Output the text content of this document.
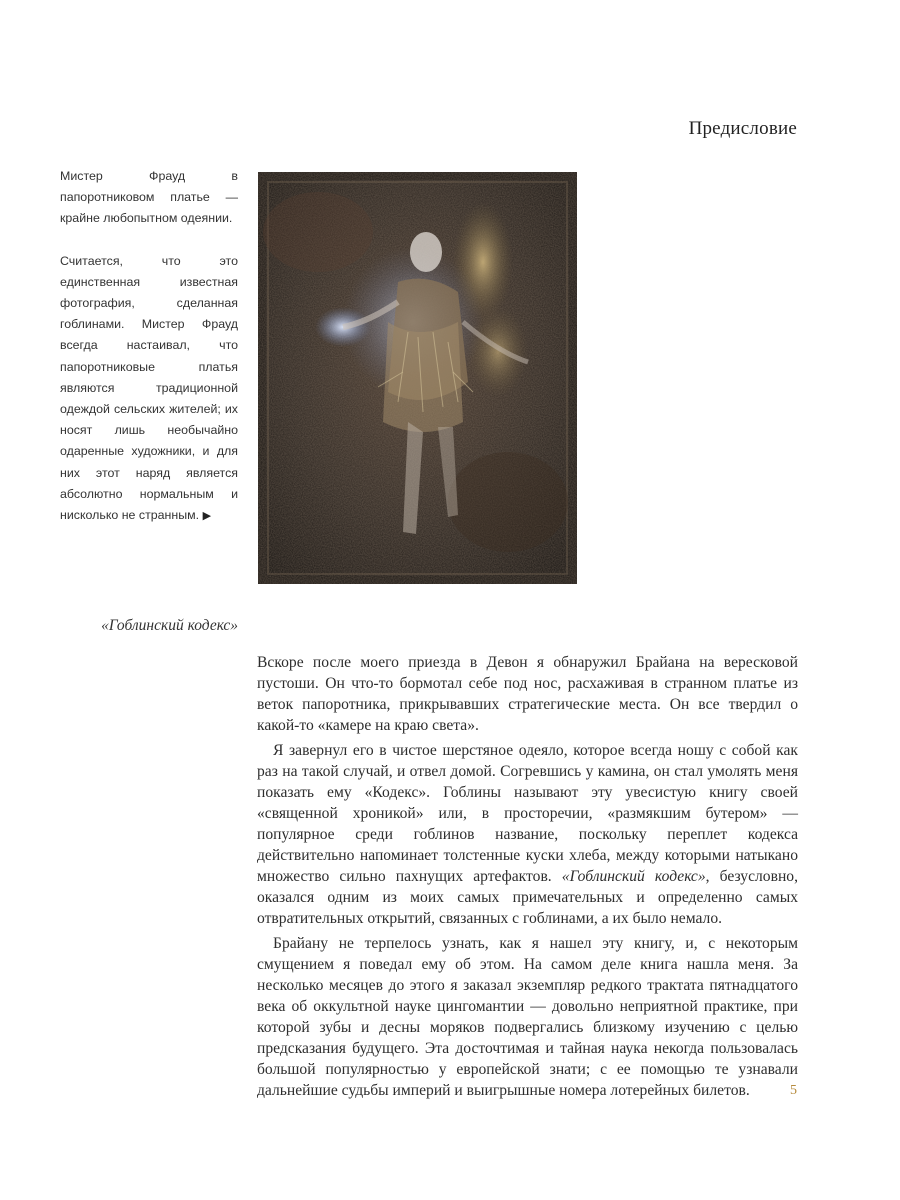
Предисловие

Мистер Фрауд в папоротниковом платье — крайне любопытном одеянии.

Считается, что это единственная известная фотография, сделанная гоблинами. Мистер Фрауд всегда настаивал, что папоротниковые платья являются традиционной одеждой сельских жителей; их носят лишь необычайно одаренные художники, и для них этот наряд является абсолютно нормальным и нисколько не странным. ▶

«Гоблинский кодекс»

Вскоре после моего приезда в Девон я обнаружил Брайана на вересковой пустоши. Он что-то бормотал себе под нос, расхаживая в странном платье из веток папоротника, прикрывавших стратегические места. Он все твердил о какой-то «камере на краю света».

Я завернул его в чистое шерстяное одеяло, которое всегда ношу с собой как раз на такой случай, и отвел домой. Согревшись у камина, он стал умолять меня показать ему «Кодекс». Гоблины называют эту увесистую книгу своей «священной хроникой» или, в просторечии, «размякшим бутером» — популярное среди гоблинов название, поскольку переплет кодекса действительно напоминает толстенные куски хлеба, между которыми натыкано множество сильно пахнущих артефактов. «Гоблинский кодекс», безусловно, оказался одним из моих самых примечательных и определенно самых отвратительных открытий, связанных с гоблинами, а их было немало.

Брайану не терпелось узнать, как я нашел эту книгу, и, с некоторым смущением я поведал ему об этом. На самом деле книга нашла меня. За несколько месяцев до этого я заказал экземпляр редкого трактата пятнадцатого века об оккультной науке цингомантии — довольно неприятной практике, при которой зубы и десны моряков подвергались близкому изучению с целью предсказания будущего. Эта досточтимая и тайная наука некогда пользовалась большой популярностью у европейской знати; с ее помощью те узнавали дальнейшие судьбы империй и выигрышные номера лотерейных билетов.	5
